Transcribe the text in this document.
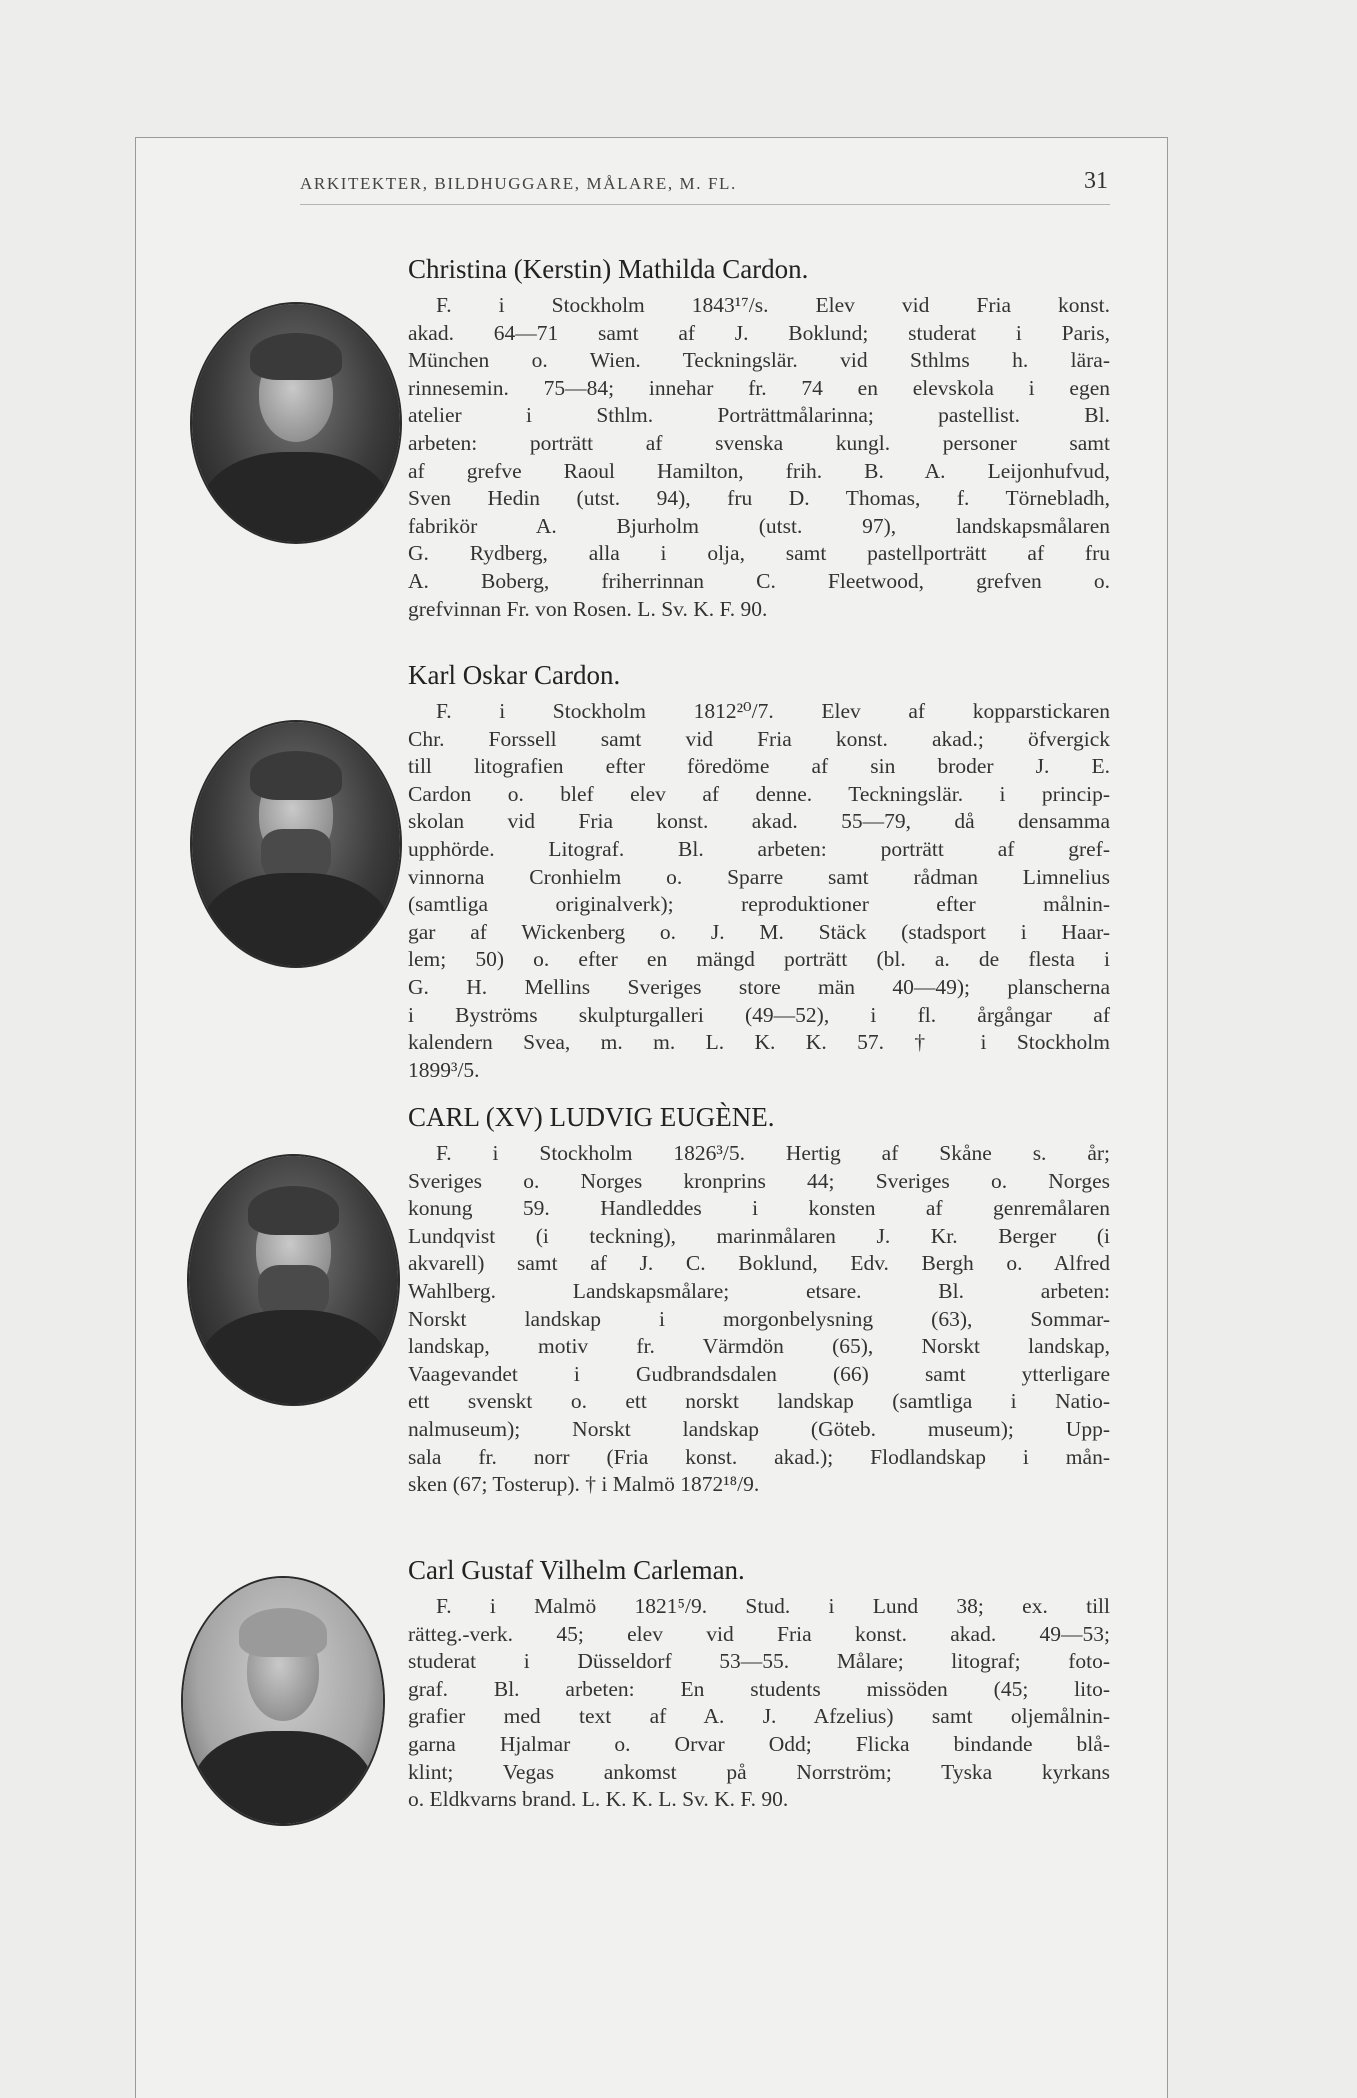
ARKITEKTER, BILDHUGGARE, MÅLARE, M. FL.	31
Christina (Kerstin) Mathilda Cardon.
F. i Stockholm 1843¹⁷/s. Elev vid Fria konst.
akad. 64—71 samt af J. Boklund; studerat i Paris,
München o. Wien. Teckningslär. vid Sthlms h. lära-
rinnesemin. 75—84; innehar fr. 74 en elevskola i egen
atelier i Sthlm. Porträttmålarinna; pastellist. Bl.
arbeten: porträtt af svenska kungl. personer samt
af grefve Raoul Hamilton, frih. B. A. Leijonhufvud,
Sven Hedin (utst. 94), fru D. Thomas, f. Törnebladh,
fabrikör A. Bjurholm (utst. 97), landskapsmålaren
G. Rydberg, alla i olja, samt pastellporträtt af fru
A. Boberg, friherrinnan C. Fleetwood, grefven o.
grefvinnan Fr. von Rosen. L. Sv. K. F. 90.
Karl Oskar Cardon.
F. i Stockholm 1812²⁰/7. Elev af kopparstickaren
Chr. Forssell samt vid Fria konst. akad.; öfvergick
till litografien efter föredöme af sin broder J. E.
Cardon o. blef elev af denne. Teckningslär. i princip-
skolan vid Fria konst. akad. 55—79, då densamma
upphörde. Litograf. Bl. arbeten: porträtt af gref-
vinnorna Cronhielm o. Sparre samt rådman Limnelius
(samtliga originalverk); reproduktioner efter målnin-
gar af Wickenberg o. J. M. Stäck (stadsport i Haar-
lem; 50) o. efter en mängd porträtt (bl. a. de flesta i
G. H. Mellins Sveriges store män 40—49); planscherna
i Byströms skulpturgalleri (49—52), i fl. årgångar af
kalendern Svea, m. m. L. K. K. 57. † i Stockholm
1899³/5.
CARL (XV) LUDVIG EUGÈNE.
F. i Stockholm 1826³/5. Hertig af Skåne s. år;
Sveriges o. Norges kronprins 44; Sveriges o. Norges
konung 59. Handleddes i konsten af genremålaren
Lundqvist (i teckning), marinmålaren J. Kr. Berger (i
akvarell) samt af J. C. Boklund, Edv. Bergh o. Alfred
Wahlberg. Landskapsmålare; etsare. Bl. arbeten:
Norskt landskap i morgonbelysning (63), Sommar-
landskap, motiv fr. Värmdön (65), Norskt landskap,
Vaagevandet i Gudbrandsdalen (66) samt ytterligare
ett svenskt o. ett norskt landskap (samtliga i Natio-
nalmuseum); Norskt landskap (Göteb. museum); Upp-
sala fr. norr (Fria konst. akad.); Flodlandskap i mån-
sken (67; Tosterup). † i Malmö 1872¹⁸/9.
Carl Gustaf Vilhelm Carleman.
F. i Malmö 1821⁵/9. Stud. i Lund 38; ex. till
rätteg.-verk. 45; elev vid Fria konst. akad. 49—53;
studerat i Düsseldorf 53—55. Målare; litograf; foto-
graf. Bl. arbeten: En students missöden (45; lito-
grafier med text af A. J. Afzelius) samt oljemålnin-
garna Hjalmar o. Orvar Odd; Flicka bindande blå-
klint; Vegas ankomst på Norrström; Tyska kyrkans
o. Eldkvarns brand. L. K. K. L. Sv. K. F. 90.
